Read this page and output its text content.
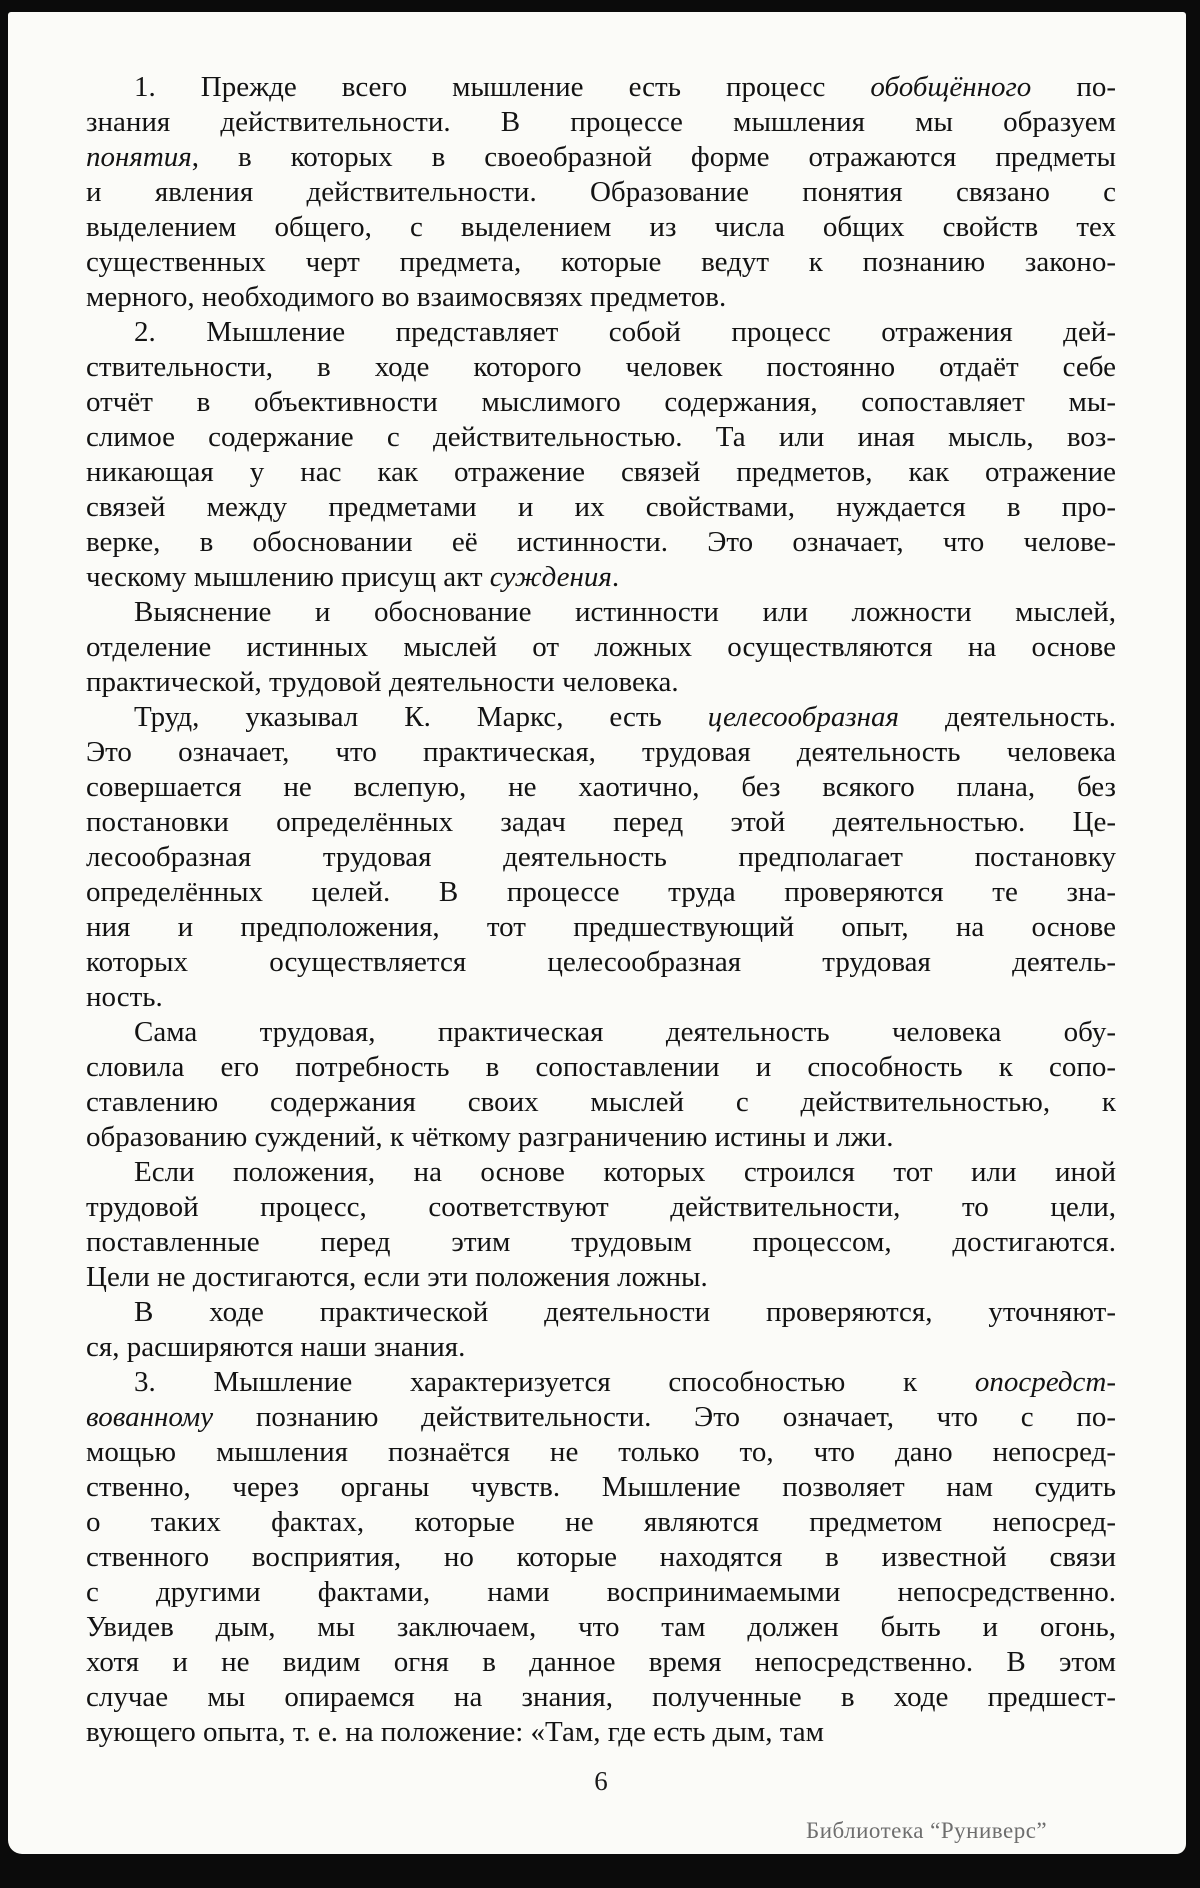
1. Прежде всего мышление есть процесс обобщённого по-
знания действительности. В процессе мышления мы образуем
понятия, в которых в своеобразной форме отражаются предметы
и явления действительности. Образование понятия связано с
выделением общего, с выделением из числа общих свойств тех
существенных черт предмета, которые ведут к познанию законо-
мерного, необходимого во взаимосвязях предметов.
2. Мышление представляет собой процесс отражения дей-
ствительности, в ходе которого человек постоянно отдаёт себе
отчёт в объективности мыслимого содержания, сопоставляет мы-
слимое содержание с действительностью. Та или иная мысль, воз-
никающая у нас как отражение связей предметов, как отражение
связей между предметами и их свойствами, нуждается в про-
верке, в обосновании её истинности. Это означает, что челове-
ческому мышлению присущ акт суждения.
Выяснение и обоснование истинности или ложности мыслей,
отделение истинных мыслей от ложных осуществляются на основе
практической, трудовой деятельности человека.
Труд, указывал К. Маркс, есть целесообразная деятельность.
Это означает, что практическая, трудовая деятельность человека
совершается не вслепую, не хаотично, без всякого плана, без
постановки определённых задач перед этой деятельностью. Це-
лесообразная трудовая деятельность предполагает постановку
определённых целей. В процессе труда проверяются те зна-
ния и предположения, тот предшествующий опыт, на основе
которых осуществляется целесообразная трудовая деятель-
ность.
Сама трудовая, практическая деятельность человека обу-
словила его потребность в сопоставлении и способность к сопо-
ставлению содержания своих мыслей с действительностью, к
образованию суждений, к чёткому разграничению истины и лжи.
Если положения, на основе которых строился тот или иной
трудовой процесс, соответствуют действительности, то цели,
поставленные перед этим трудовым процессом, достигаются.
Цели не достигаются, если эти положения ложны.
В ходе практической деятельности проверяются, уточняют-
ся, расширяются наши знания.
3. Мышление характеризуется способностью к опосредст-
вованному познанию действительности. Это означает, что с по-
мощью мышления познаётся не только то, что дано непосред-
ственно, через органы чувств. Мышление позволяет нам судить
о таких фактах, которые не являются предметом непосред-
ственного восприятия, но которые находятся в известной связи
с другими фактами, нами воспринимаемыми непосредственно.
Увидев дым, мы заключаем, что там должен быть и огонь,
хотя и не видим огня в данное время непосредственно. В этом
случае мы опираемся на знания, полученные в ходе предшест-
вующего опыта, т. е. на положение: «Там, где есть дым, там
6
Библиотека “Руниверс”
